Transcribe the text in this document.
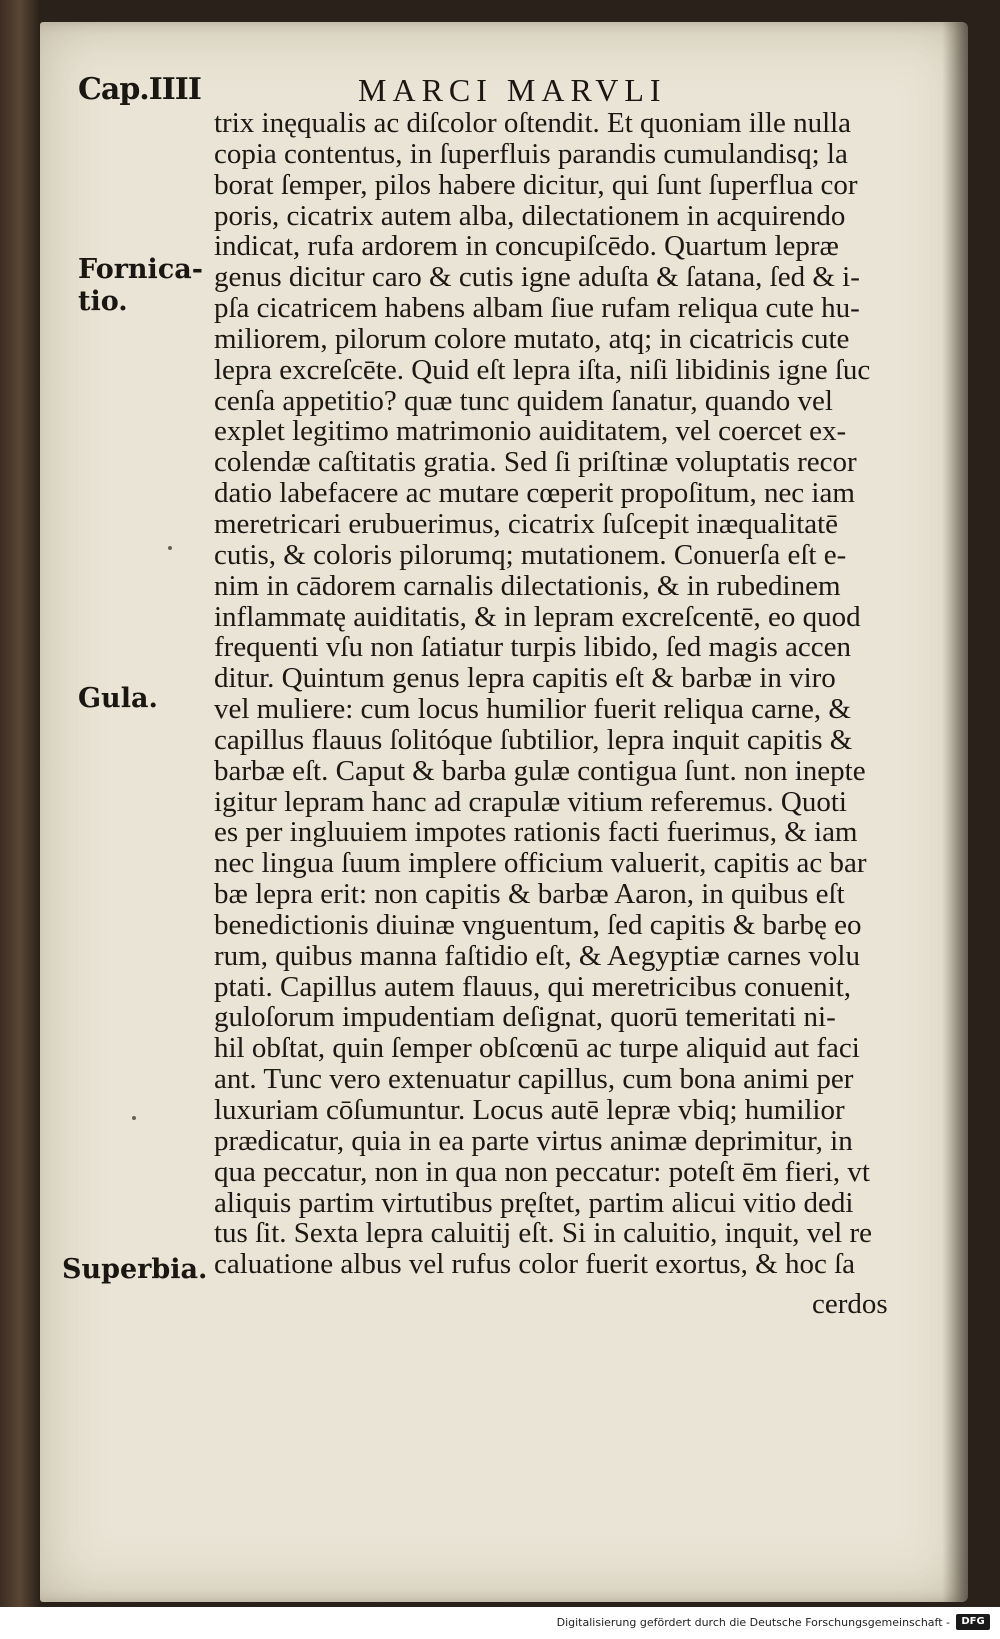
Cap.IIII	MARCI MARVLI
trix inęqualis ac diſcolor oſtendit. Et quoniam ille nulla
copia contentus, in ſuperfluis parandis cumulandisq; la
borat ſemper, pilos habere dicitur, qui ſunt ſuperflua cor
poris, cicatrix autem alba, dilectationem in acquirendo
indicat, rufa ardorem in concupiſcēdo. Quartum lepræ
genus dicitur caro & cutis igne aduſta & ſatana, ſed & i-
pſa cicatricem habens albam ſiue rufam reliqua cute hu-
miliorem, pilorum colore mutato, atq; in cicatricis cute
lepra excreſcēte. Quid eſt lepra iſta, niſi libidinis igne ſuc
cenſa appetitio? quæ tunc quidem ſanatur, quando vel
explet legitimo matrimonio auiditatem, vel coercet ex-
colendæ caſtitatis gratia. Sed ſi priſtinæ voluptatis recor
datio labefacere ac mutare cœperit propoſitum, nec iam
meretricari erubuerimus, cicatrix ſuſcepit inæqualitatē
cutis, & coloris pilorumq; mutationem. Conuerſa eſt e-
nim in cādorem carnalis dilectationis, & in rubedinem
inflammatę auiditatis, & in lepram excreſcentē, eo quod
frequenti vſu non ſatiatur turpis libido, ſed magis accen
ditur. Quintum genus lepra capitis eſt & barbæ in viro
vel muliere: cum locus humilior fuerit reliqua carne, &
capillus flauus ſolitóque ſubtilior, lepra inquit capitis &
barbæ eſt. Caput & barba gulæ contigua ſunt. non inepte
igitur lepram hanc ad crapulæ vitium referemus. Quoti
es per ingluuiem impotes rationis facti fuerimus, & iam
nec lingua ſuum implere officium valuerit, capitis ac bar
bæ lepra erit: non capitis & barbæ Aaron, in quibus eſt
benedictionis diuinæ vnguentum, ſed capitis & barbę eo
rum, quibus manna faſtidio eſt, & Aegyptiæ carnes volu
ptati. Capillus autem flauus, qui meretricibus conuenit,
guloſorum impudentiam deſignat, quorū temeritati ni-
hil obſtat, quin ſemper obſcœnū ac turpe aliquid aut faci
ant. Tunc vero extenuatur capillus, cum bona animi per
luxuriam cōſumuntur. Locus autē lepræ vbiq; humilior
prædicatur, quia in ea parte virtus animæ deprimitur, in
qua peccatur, non in qua non peccatur: poteſt ēm fieri, vt
aliquis partim virtutibus pręſtet, partim alicui vitio dedi
tus ſit. Sexta lepra caluitij eſt. Si in caluitio, inquit, vel re
caluatione albus vel rufus color fuerit exortus, & hoc ſa
cerdos
Fornica-
tio.
Gula.
Superbia.
Digitalisierung gefördert durch die Deutsche Forschungsgemeinschaft -	DFG
